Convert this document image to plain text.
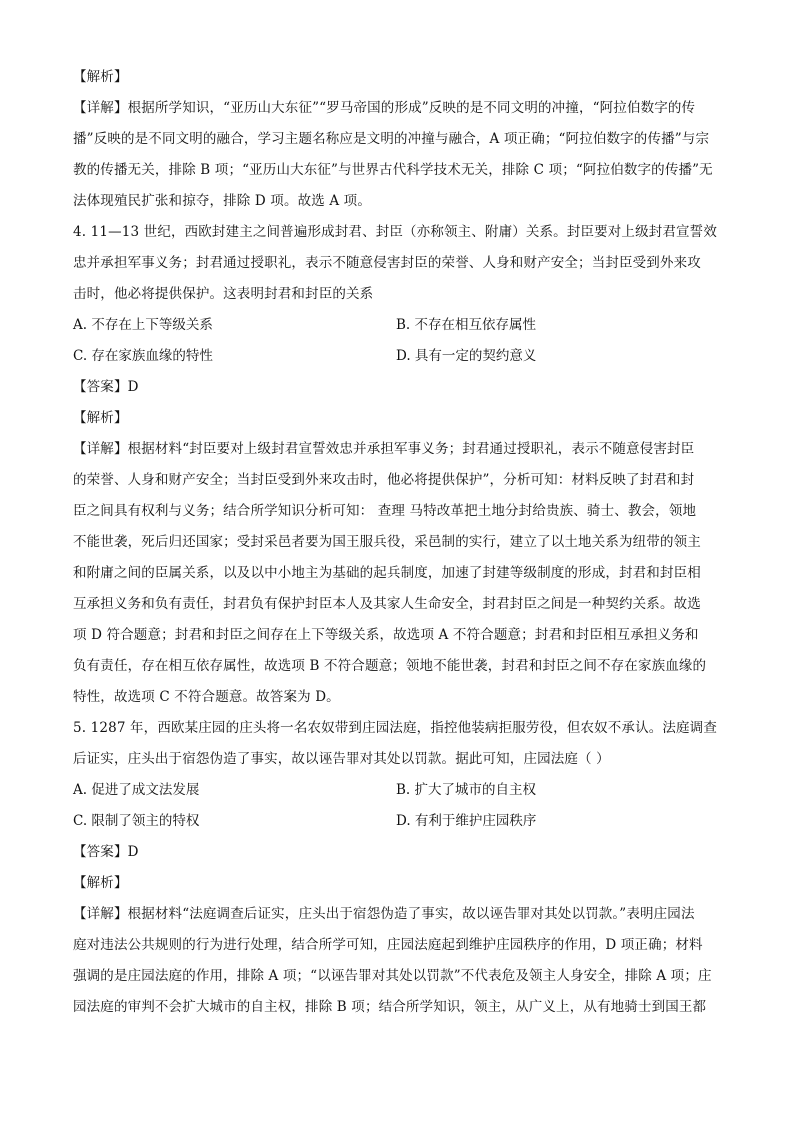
【解析】
【详解】根据所学知识，“亚历山大东征”“罗马帝国的形成”反映的是不同文明的冲撞，“阿拉伯数字的传
播”反映的是不同文明的融合，学习主题名称应是文明的冲撞与融合，A 项正确；“阿拉伯数字的传播”与宗
教的传播无关，排除 B 项；“亚历山大东征”与世界古代科学技术无关，排除 C 项；“阿拉伯数字的传播”无
法体现殖民扩张和掠夺，排除 D 项。故选 A 项。
4. 11—13 世纪，西欧封建主之间普遍形成封君、封臣（亦称领主、附庸）关系。封臣要对上级封君宣誓效
忠并承担军事义务；封君通过授职礼，表示不随意侵害封臣的荣誉、人身和财产安全；当封臣受到外来攻
击时，他必将提供保护。这表明封君和封臣的关系
A. 不存在上下等级关系	B. 不存在相互依存属性
C. 存在家族血缘的特性	D. 具有一定的契约意义
【答案】D
【解析】
【详解】根据材料“封臣要对上级封君宣誓效忠并承担军事义务；封君通过授职礼，表示不随意侵害封臣
的荣誉、人身和财产安全；当封臣受到外来攻击时，他必将提供保护”，分析可知：材料反映了封君和封
臣之间具有权利与义务；结合所学知识分析可知： 查理 马特改革把土地分封给贵族、骑士、教会，领地
不能世袭，死后归还国家；受封采邑者要为国王服兵役，采邑制的实行，建立了以土地关系为纽带的领主
和附庸之间的臣属关系，以及以中小地主为基础的起兵制度，加速了封建等级制度的形成，封君和封臣相
互承担义务和负有责任，封君负有保护封臣本人及其家人生命安全，封君封臣之间是一种契约关系。故选
项 D 符合题意；封君和封臣之间存在上下等级关系，故选项 A 不符合题意；封君和封臣相互承担义务和
负有责任，存在相互依存属性，故选项 B 不符合题意；领地不能世袭，封君和封臣之间不存在家族血缘的
特性，故选项 C 不符合题意。故答案为 D。
5. 1287 年，西欧某庄园的庄头将一名农奴带到庄园法庭，指控他装病拒服劳役，但农奴不承认。法庭调查
后证实，庄头出于宿怨伪造了事实，故以诬告罪对其处以罚款。据此可知，庄园法庭（ ）
A. 促进了成文法发展	B. 扩大了城市的自主权
C. 限制了领主的特权	D. 有利于维护庄园秩序
【答案】D
【解析】
【详解】根据材料“法庭调查后证实，庄头出于宿怨伪造了事实，故以诬告罪对其处以罚款。”表明庄园法
庭对违法公共规则的行为进行处理，结合所学可知，庄园法庭起到维护庄园秩序的作用，D 项正确；材料
强调的是庄园法庭的作用，排除 A 项；“以诬告罪对其处以罚款”不代表危及领主人身安全，排除 A 项；庄
园法庭的审判不会扩大城市的自主权，排除 B 项；结合所学知识，领主，从广义上，从有地骑士到国王都
